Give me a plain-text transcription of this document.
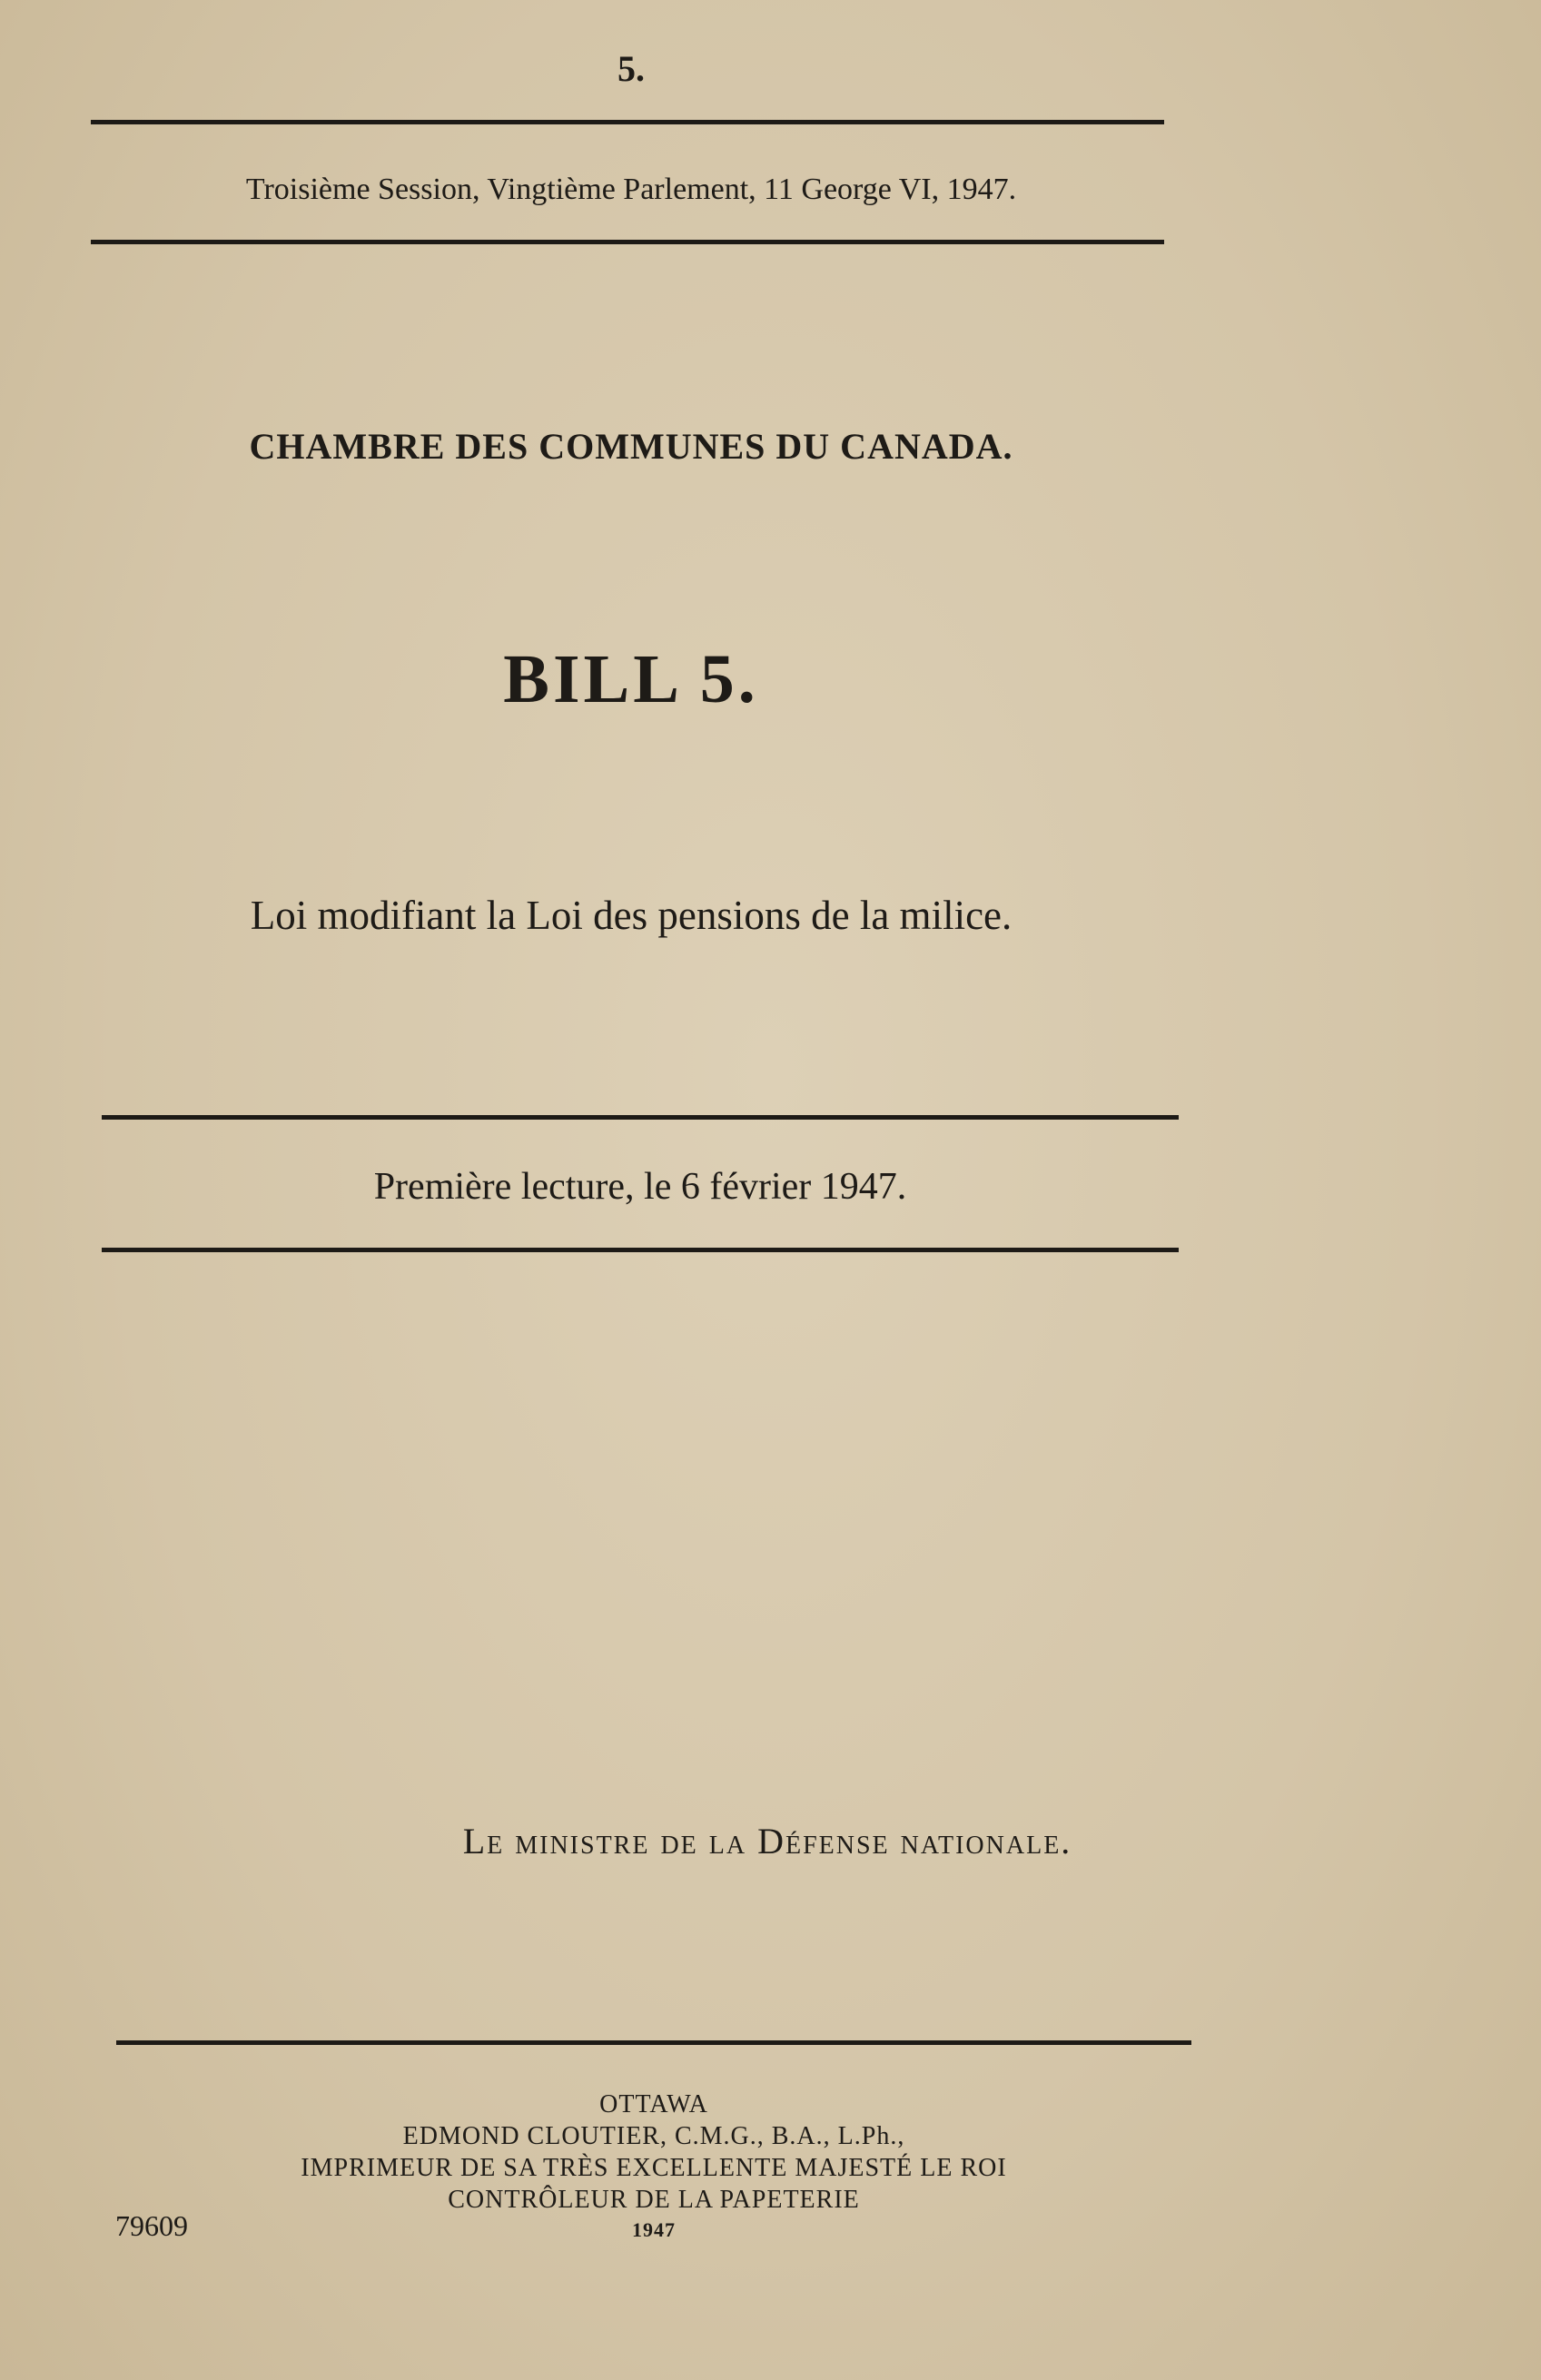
5.
Troisième Session, Vingtième Parlement, 11 George VI, 1947.
CHAMBRE DES COMMUNES DU CANADA.
BILL 5.
Loi modifiant la Loi des pensions de la milice.
Première lecture, le 6 février 1947.
Le ministre de la Défense nationale.
OTTAWA
EDMOND CLOUTIER, C.M.G., B.A., L.Ph.,
IMPRIMEUR DE SA TRÈS EXCELLENTE MAJESTÉ LE ROI
CONTRÔLEUR DE LA PAPETERIE
1947
79609
